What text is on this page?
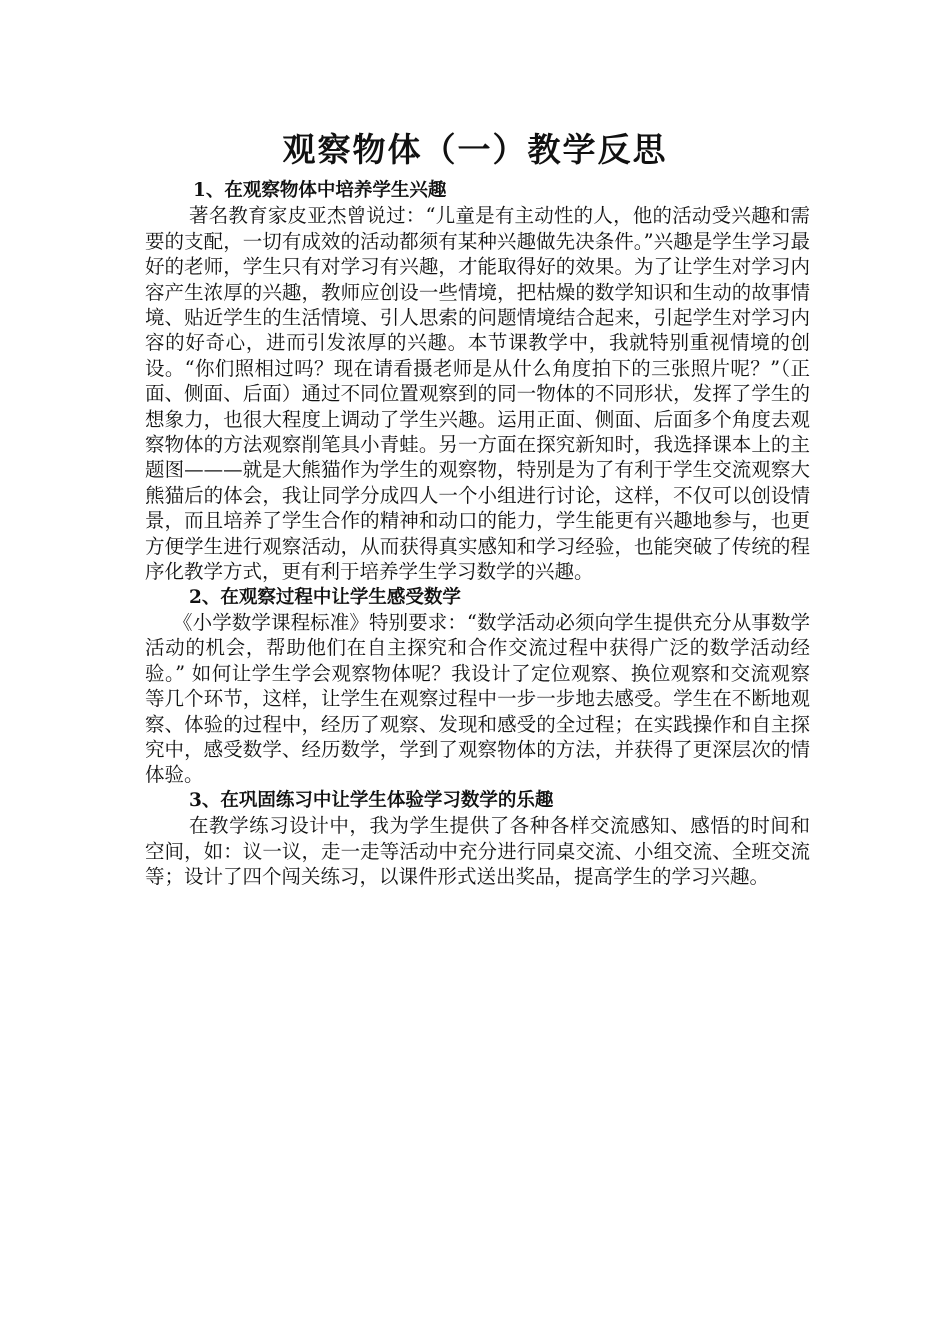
观察物体（一）教学反思

1、在观察物体中培养学生兴趣

著名教育家皮亚杰曾说过：“儿童是有主动性的人，他的活动受兴趣和需要的支配，一切有成效的活动都须有某种兴趣做先决条件。”兴趣是学生学习最好的老师，学生只有对学习有兴趣，才能取得好的效果。为了让学生对学习内容产生浓厚的兴趣，教师应创设一些情境，把枯燥的数学知识和生动的故事情境、贴近学生的生活情境、引人思索的问题情境结合起来，引起学生对学习内容的好奇心，进而引发浓厚的兴趣。本节课教学中，我就特别重视情境的创设。“你们照相过吗？现在请看摄老师是从什么角度拍下的三张照片呢？”（正面、侧面、后面）通过不同位置观察到的同一物体的不同形状，发挥了学生的想象力，也很大程度上调动了学生兴趣。运用正面、侧面、后面多个角度去观察物体的方法观察削笔具小青蛙。另一方面在探究新知时，我选择课本上的主题图———就是大熊猫作为学生的观察物，特别是为了有利于学生交流观察大熊猫后的体会，我让同学分成四人一个小组进行讨论，这样，不仅可以创设情景，而且培养了学生合作的精神和动口的能力，学生能更有兴趣地参与，也更方便学生进行观察活动，从而获得真实感知和学习经验，也能突破了传统的程序化教学方式，更有利于培养学生学习数学的兴趣。

2、在观察过程中让学生感受数学

《小学数学课程标准》特别要求：“数学活动必须向学生提供充分从事数学活动的机会，帮助他们在自主探究和合作交流过程中获得广泛的数学活动经验。” 如何让学生学会观察物体呢？我设计了定位观察、换位观察和交流观察等几个环节，这样，让学生在观察过程中一步一步地去感受。学生在不断地观察、体验的过程中，经历了观察、发现和感受的全过程；在实践操作和自主探究中，感受数学、经历数学，学到了观察物体的方法，并获得了更深层次的情体验。

3、在巩固练习中让学生体验学习数学的乐趣

在教学练习设计中，我为学生提供了各种各样交流感知、感悟的时间和空间，如：议一议，走一走等活动中充分进行同桌交流、小组交流、全班交流等；设计了四个闯关练习，以课件形式送出奖品，提高学生的学习兴趣。
